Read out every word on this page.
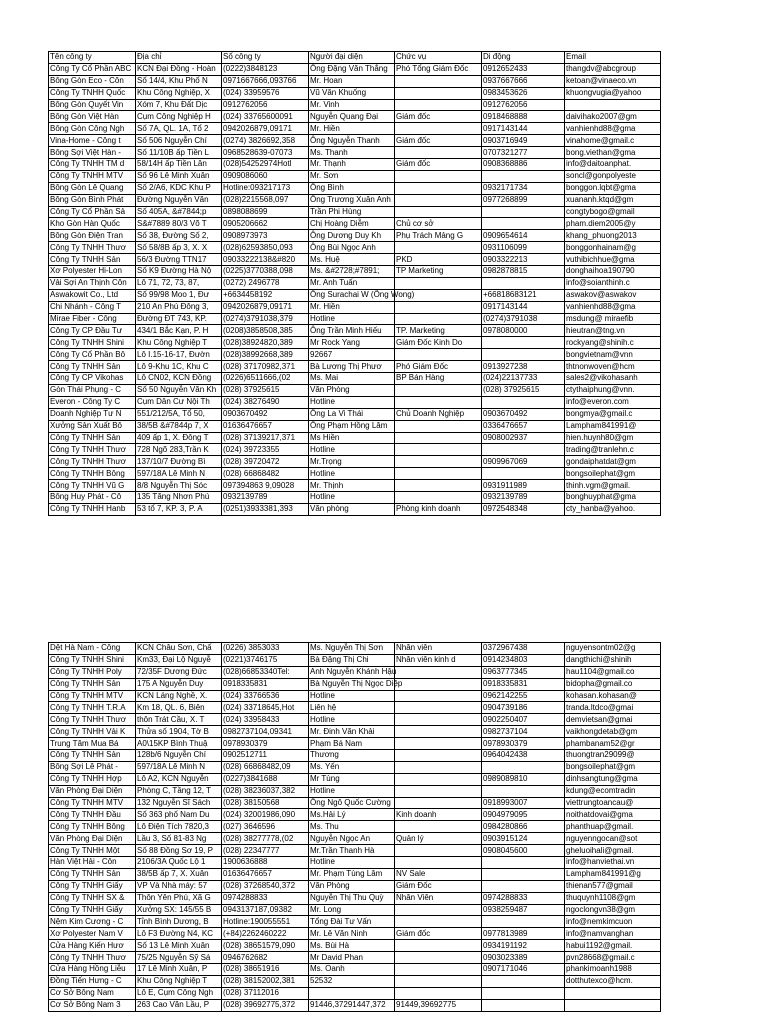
Tên công ty	Địa chỉ	Số công ty	Người đại diện	Chức vụ	Di động	Email
Công Ty Cổ Phần ABC	KCN Đại Đồng - Hoàn	(0222)3848123	Ông Đặng Văn Thắng	Phó Tổng Giám Đốc	0912652433	thangdv@abcgroup
Bông Gòn Eco - Côn	Số 14/4, Khu Phố N	0971667666,093766	Mr. Hoan		0937667666	ketoan@vinaeco.vn
Công Ty TNHH Quốc	Khu Công Nghiệp, X	(024) 33959576	Vũ Văn Khuống		0983453626	khuongvugia@yahoo
Bông Gòn Quyết Vin	Xóm 7, Khu Đất Dịc	0912762056	Mr. Vinh		0912762056	
Bông Gòn Việt Hàn	Cụm Công Nghiệp H	(024) 33765600091	Nguyễn Quang Đại	Giám đốc	0918468888	daivihako2007@gm
Bông Gòn Công Ngh	Số 7A, QL. 1A, Tổ 2	0942026879,09171	Mr. Hiền		0917143144	vanhienhd88@gma
Vina-Home - Công t	Số 506 Nguyễn Chí	(0274) 3826692,358	Ông Nguyễn Thanh	Giám đốc	0903716949	vinahome@gmail.c
Bông Sợi Việt Hàn -	Số 11/10B ấp Tiền L	0968528639-07073	Ms. Thanh		0707321277	bong.viethan@gma
Công Ty TNHH TM d	58/14H ấp Tiền Lân	(028)54252974Hotl	Mr. Thạnh	Giám đốc	0908368886	info@daitoanphat.
Công Ty TNHH MTV	Số 96 Lê Minh Xuân	0909086060	Mr. Sơn			soncl@gonpolyeste
Bông Gòn Lê Quang	Số 2/A6, KDC Khu P	Hotline:093217173	Ông Bình		0932171734	bonggon.lqbt@gma
Bông Gòn Bình Phát	Đường Nguyễn Văn	(028)2215568,097	Ông Trương Xuân Anh		0977268899	xuananh.ktqd@gm
Công Ty Cổ Phần Sả	Số 405A, &#7844;p	0898088699	Trần Phi Hùng			congtybogo@gmail
Kho Gòn Hàn Quốc	S&#7889 80/3 Võ T	0905206662	Chị Hoàng Diễm	Chủ cơ sở		pham.diem2005@y
Bông Gòn Điện Tran	Số 38, Đường Số 2,	0908973973	Ông Dương Duy Kh	Phụ Trách Mảng G	0909654614	khang_phuong2013
Công Ty TNHH Thươ	Số 58/8B ấp 3, X. X	(028)62593850,093	Ông Bùi Ngọc Anh		0931106099	bonggonhainam@g
Công Ty TNHH Sản	56/3 Đường TTN17	09033222138&#820	Ms. Huệ	PKD	0903322213	vuthibichhue@gma
Xơ Polyester Hi-Lon	Số K9 Đường Hà Nộ	(0225)3770388,098	Ms. &#2728;#7891;	TP Marketing	0982878815	donghaihoa190790
Vải Sợi An Thịnh Côn	Lô 71, 72, 73, 87,	(0272) 2496778	Mr. Anh Tuấn			info@soianthinh.c
Aswakowit Co., Ltd	Số 99/98 Moo 1, Đư	+6634458192	Ông Surachai W (Ông Wong)		+66818683121	aswakov@aswakov
Chi Nhánh - Công T	210 An Phú Đông 3,	0942026879,09171	Mr. Hiền		0917143144	vanhienhd88@gma
Mirae Fiber - Công	Đường ĐT 743, KP.	(0274)3791038,379	Hotline		(0274)3791038	msdung@ miraefib
Công Ty CP Đầu Tư	434/1 Bắc Kạn, P. H	(0208)3858508,385	Ông Trần Minh Hiếu	TP. Marketing	0978080000	hieutran@tng.vn
Công Ty TNHH Shini	Khu Công Nghiệp T	(028)38924820,389	Mr Rock Yang	Giám Đốc Kinh Do		rockyang@shinih.c
Công Ty Cổ Phần Bô	Lô I.15-16-17, Đườn	(028)38992668,389	92667			bongvietnam@vnn
Công Ty TNHH Sản	Lô 9-Khu 1C, Khu C	(028) 37170982,371	Bà Lương Thị Phươ	Phó Giám Đốc	0913927238	thtnonwoven@hcm
Công Ty CP Vikohas	Lô CN02, KCN Đồng	(0226)6511666,(02	Ms. Mai	BP Bán Hàng	(024)22137733	sales2@vikohasanh
Gòn Thái Phụng - C	Số 50 Nguyễn Văn Kh	(028) 37925615	Văn Phòng		(028) 37925615	ctythaiphung@vnn.
Everon - Công Ty C	Cụm Dân Cư Nội Th	(024) 38276490	Hotline			info@everon.com
Doanh Nghiệp Tư N	551/212/5A, Tổ 50,	0903670492	Ông La Vi Thái	Chủ Doanh Nghiệp	0903670492	bongmya@gmail.c
Xưởng Sản Xuất Bô	38/5B &#7844p 7, X	01636476657	Ông Phạm Hồng Lâm		0336476657	Lampham841991@
Công Ty TNHH Sản	409 ấp 1, X. Đông T	(028) 37139217,371	Ms Hiền		0908002937	hien.huynh80@gm
Công Ty TNHH Thươ	728 Ngõ 283,Trần K	(024) 39723355	Hotline			trading@tranlehn.c
Công Ty TNHH Thươ	137/10/7 Đường Bì	(028) 39720472	Mr.Trọng		0909967069	gondaiphatdat@gm
Công Ty TNHH Bông	597/18A Lê Minh N	(028) 66868482	Hotline			bongsoilephat@gm
Công Ty TNHH Vũ G	8/8 Nguyễn Thị Sóc	097394863 9,09028	Mr. Thịnh		0931911989	thinh.vgm@gmail.
Bông Huy Phát - Cô	135 Tăng Nhơn Phú	0932139789	Hotline		0932139789	bonghuyphat@gma
Công Ty TNHH Hanb	53 tổ 7, KP. 3, P. A	(0251)3933381,393	Văn phòng	Phòng kinh doanh	0972548348	cty_hanba@yahoo.
Dệt Hà Nam - Công	KCN Châu Sơn, Chấ	(0226) 3853033	Ms. Nguyễn Thị Sơn	Nhân viên	0372967438	nguyensontm02@g
Công Ty TNHH Shini	Km33, Đại Lộ Nguyễ	(0221)3746175	Bà Đặng Thị Chi	Nhân viên kinh d	0914234803	dangthichi@shinih
Công Ty TNHH Poly	72/35F Dương Đức	(028)66853340Tel:	Anh Nguyễn Khánh Hậu		0963777345	hau1104@gmail.co
Công Ty TNHH Sản	175 A Nguyễn Duy	0918335831	Bà Nguyễn Thị Ngọc Diệp		0918335831	bidopha@gmail.co
Công Ty TNHH MTV	KCN Láng Nghề, X.	(024) 33766536	Hotline		0962142255	kohasan.kohasan@
Công Ty TNHH T.R.A	Km 18, QL. 6, Biên	(024) 33718645,Hot	Liên hệ		0904739186	tranda.ltdco@gmai
Công Ty TNHH Thươ	thôn Trát Cầu, X. T	(024) 33958433	Hotline		0902250407	demvietsan@gmai
Công Ty TNHH Vải K	Thửa số 1904, Tờ B	0982737104,09341	Mr. Đinh Văn Khải		0982737104	vaikhongdetab@gm
Trung Tâm Mua Bá	A0\15KP Bình Thuậ	0978930379	Phạm Bá Nam		0978930379	phambanam52@gr
Công Ty TNHH Sản	128b/6 Nguyễn Chí	0902512711	Thương		0964042438	thuongtran29099@
Bông Sợi Lê Phát -	597/18A Lê Minh N	(028) 66868482,09	Ms. Yến			bongsoilephat@gm
Công Ty TNHH Hợp	Lô A2, KCN Nguyễn	(0227)3841688	Mr Tùng		0989089810	dinhsangtung@gma
Văn Phòng Đại Diện	Phòng C, Tầng 12, T	(028) 38236037,382	Hotline			kdung@ecomtradin
Công Ty TNHH MTV	132 Nguyễn Sĩ Sách	(028) 38150568	Ông Ngô Quốc Cường		0918993007	viettrungtoancau@
Công Ty TNHH Đầu	Số 363 phố Nam Du	(024) 32001986,090	Ms.Hải Lý	Kinh doanh	0904979095	noithatdovai@gma
Công Ty TNHH Bông	Lô Điện Tích 7820,3	(027) 3646596	Ms. Thu		0984280866	phanthuap@gmail.
Văn Phòng Đại Diện	Lầu 3, Số 81-83 Ng	(028) 38277778,(02	Nguyễn Ngọc An	Quản lý	0903915124	nguyenngocan@sot
Công Ty TNHH Một	Số 88 Đồng Sơ 19, P	(028) 22347777	Mr.Trần Thanh Hà		0908045600	gheluoihali@gmail.
Hàn Việt Hải - Côn	2106/3A Quốc Lộ 1	1900636888	Hotline			info@hanviethai.vn
Công Ty TNHH Sản	38/5B ấp 7, X. Xuân	01636476657	Mr. Phạm Tùng Lâm	NV Sale		Lampham841991@g
Công Ty TNHH Giấy	VP Và Nhà máy: 57	(028) 37268540,372	Văn Phòng	Giám Đốc		thienan577@gmail
Công Ty TNHH SX &	Thôn Yên Phú, Xã G	0974288833	Nguyễn Thị Thu Quỳ	Nhân Viên	0974288833	thuquynh1108@gm
Công Ty TNHH Giấy	Xưởng SX: 145/55 B	0943137187,09382	Mr. Long		0938259487	ngoclongvn38@gm
Nệm Kim Cương - C	Tỉnh Bình Dương, B	Hotline:190055551	Tổng Đài Tư Vấn			info@nemkimcuon
Xơ Polyester Nam V	Lô F3 Đường N4, KC	(+84)2262460222	Mr. Lê Văn Ninh	Giám đốc	0977813989	info@namvanghan
Cửa Hàng Kiến Hươ	Số 13 Lê Minh Xuân	(028) 38651579,090	Ms. Bùi Hà		0934191192	habui1192@gmail.
Công Ty TNHH Thươ	75/25 Nguyễn Sỹ Sá	0946762682	Mr David Phan		0903023389	pvn28668@gmail.c
Cửa Hàng Hồng Liễu	17 Lê Minh Xuân, P	(028) 38651916	Ms. Oanh		0907171046	phankimoanh1988
Đồng Tiến Hưng - C	Khu Công Nghiệp T	(028) 38152002,381	52532			dotthutexco@hcm.
Cơ Sở Bông Nam	Lô E, Cụm Công Ngh	(028) 37112016				
Cơ Sở Bông Nam 3	263 Cao Văn Lầu, P	(028) 39692775,372	91446,37291447,372	91449,39692775		
